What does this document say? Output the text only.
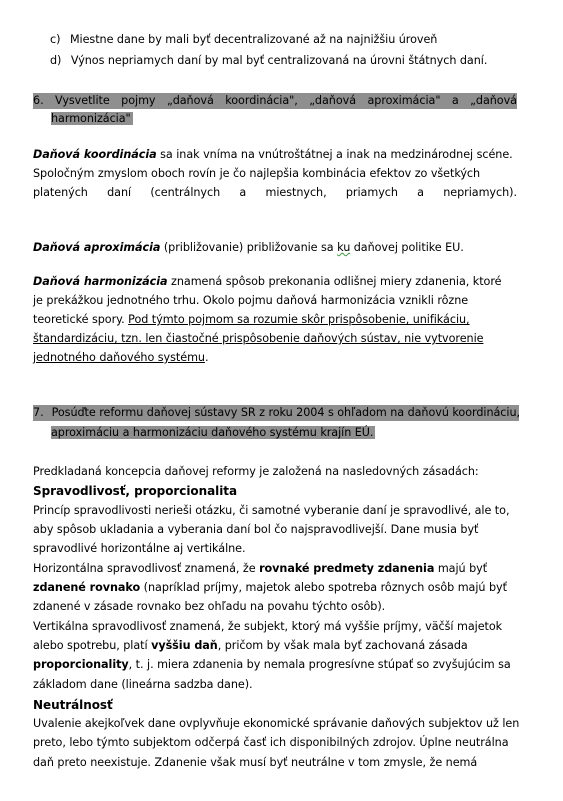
c) Miestne dane by mali byť decentralizované až na najnižšiu úroveň
d) Výnos nepriamych daní by mal byť centralizovaná na úrovni štátnych daní.
6. Vysvetlite pojmy „daňová koordinácia", „daňová aproximácia" a „daňová
harmonizácia"
Daňová koordinácia sa inak vníma na vnútroštátnej a inak na medzinárodnej scéne.
Spoločným zmyslom oboch rovín je čo najlepšia kombinácia efektov zo všetkých
platených daní (centrálnych a miestnych, priamych a nepriamych).
Daňová aproximácia (približovanie) približovanie sa ku daňovej politike EU.
Daňová harmonizácia znamená spôsob prekonania odlišnej miery zdanenia, ktoré
je prekážkou jednotného trhu. Okolo pojmu daňová harmonizácia vznikli rôzne
teoretické spory. Pod týmto pojmom sa rozumie skôr prispôsobenie, unifikáciu,
štandardizáciu, tzn. len čiastočné prispôsobenie daňových sústav, nie vytvorenie
jednotného daňového systému.
7. Posúďte reformu daňovej sústavy SR z roku 2004 s ohľadom na daňovú koordináciu,
aproximáciu a harmonizáciu daňového systému krajín EÚ.
Predkladaná koncepcia daňovej reformy je založená na nasledovných zásadách:
Spravodlivosť, proporcionalita
Princíp spravodlivosti nerieši otázku, či samotné vyberanie daní je spravodlivé, ale to,
aby spôsob ukladania a vyberania daní bol čo najspravodlivejší. Dane musia byť
spravodlivé horizontálne aj vertikálne.
Horizontálna spravodlivosť znamená, že rovnaké predmety zdanenia majú byť
zdanené rovnako (napríklad príjmy, majetok alebo spotreba rôznych osôb majú byť
zdanené v zásade rovnako bez ohľadu na povahu týchto osôb).
Vertikálna spravodlivosť znamená, že subjekt, ktorý má vyššie príjmy, väčší majetok
alebo spotrebu, platí vyššiu daň, pričom by však mala byť zachovaná zásada
proporcionality, t. j. miera zdanenia by nemala progresívne stúpať so zvyšujúcim sa
základom dane (lineárna sadzba dane).
Neutrálnosť
Uvalenie akejkoľvek dane ovplyvňuje ekonomické správanie daňových subjektov už len
preto, lebo týmto subjektom odčerpá časť ich disponibilných zdrojov. Úplne neutrálna
daň preto neexistuje. Zdanenie však musí byť neutrálne v tom zmysle, že nemá
